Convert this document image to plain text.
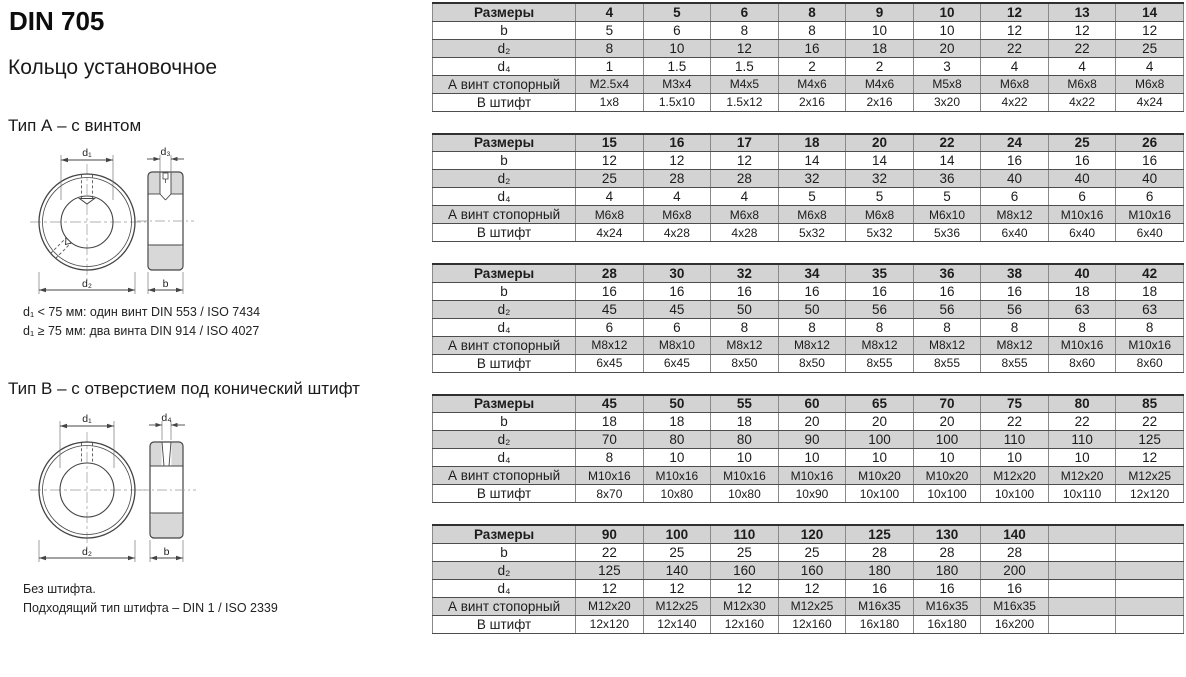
DIN 705
Кольцо установочное
Тип А – с винтом
d₁
d₂
d₃
b
d₁ < 75 мм: один винт DIN 553 / ISO 7434
d₁ ≥ 75 мм: два винта DIN 914 / ISO 4027
Тип В – с отверстием под конический штифт
d₁
d₂
d₄
b
Без штифта.
Подходящий тип штифта – DIN 1 / ISO 2339
Размеры	4	5	6	8	9	10	12	13	14
b	5	6	8	8	10	10	12	12	12
d₂	8	10	12	16	18	20	22	22	25
d₄	1	1.5	1.5	2	2	3	4	4	4
А винт стопорный	M2.5x4	M3x4	M4x5	M4x6	M4x6	M5x8	M6x8	M6x8	M6x8
В штифт	1x8	1.5x10	1.5x12	2x16	2x16	3x20	4x22	4x22	4x24
Размеры	15	16	17	18	20	22	24	25	26
b	12	12	12	14	14	14	16	16	16
d₂	25	28	28	32	32	36	40	40	40
d₄	4	4	4	5	5	5	6	6	6
А винт стопорный	M6x8	M6x8	M6x8	M6x8	M6x8	M6x10	M8x12	M10x16	M10x16
В штифт	4x24	4x28	4x28	5x32	5x32	5x36	6x40	6x40	6x40
Размеры	28	30	32	34	35	36	38	40	42
b	16	16	16	16	16	16	16	18	18
d₂	45	45	50	50	56	56	56	63	63
d₄	6	6	8	8	8	8	8	8	8
А винт стопорный	M8x12	M8x10	M8x12	M8x12	M8x12	M8x12	M8x12	M10x16	M10x16
В штифт	6x45	6x45	8x50	8x50	8x55	8x55	8x55	8x60	8x60
Размеры	45	50	55	60	65	70	75	80	85
b	18	18	18	20	20	20	22	22	22
d₂	70	80	80	90	100	100	110	110	125
d₄	8	10	10	10	10	10	10	10	12
А винт стопорный	M10x16	M10x16	M10x16	M10x16	M10x20	M10x20	M12x20	M12x20	M12x25
В штифт	8x70	10x80	10x80	10x90	10x100	10x100	10x100	10x110	12x120
Размеры	90	100	110	120	125	130	140		
b	22	25	25	25	28	28	28		
d₂	125	140	160	160	180	180	200		
d₄	12	12	12	12	16	16	16		
А винт стопорный	M12x20	M12x25	M12x30	M12x25	M16x35	M16x35	M16x35		
В штифт	12x120	12x140	12x160	12x160	16x180	16x180	16x200		
